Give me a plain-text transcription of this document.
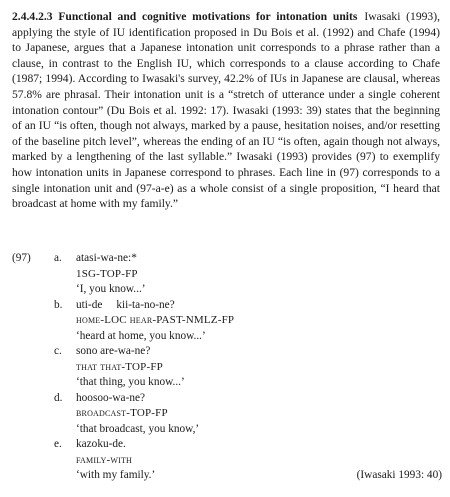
2.4.4.2.3 Functional and cognitive motivations for intonation units Iwasaki (1993), applying the style of IU identification proposed in Du Bois et al. (1992) and Chafe (1994) to Japanese, argues that a Japanese intonation unit corresponds to a phrase rather than a clause, in contrast to the English IU, which corresponds to a clause according to Chafe (1987; 1994). According to Iwasaki's survey, 42.2% of IUs in Japanese are clausal, whereas 57.8% are phrasal. Their intonation unit is a “stretch of utterance under a single coherent intonation contour” (Du Bois et al. 1992: 17). Iwasaki (1993: 39) states that the beginning of an IU “is often, though not always, marked by a pause, hesitation noises, and/or resetting of the baseline pitch level”, whereas the ending of an IU “is often, again though not always, marked by a lengthening of the last syllable.” Iwasaki (1993) provides (97) to exemplify how intonation units in Japanese correspond to phrases. Each line in (97) corresponds to a single intonation unit and (97-a-e) as a whole consist of a single proposition, “I heard that broadcast at home with my family.”

(97) a. atasi-wa-ne:*
1SG-TOP-FP
‘I, you know...’
b. uti-de kii-ta-no-ne?
home-LOC hear-PAST-NMLZ-FP
‘heard at home, you know...’
c. sono are-wa-ne?
that that-TOP-FP
‘that thing, you know...’
d. hoosoo-wa-ne?
broadcast-TOP-FP
‘that broadcast, you know,’
e. kazoku-de.
family-with
‘with my family.’	(Iwasaki 1993: 40)
